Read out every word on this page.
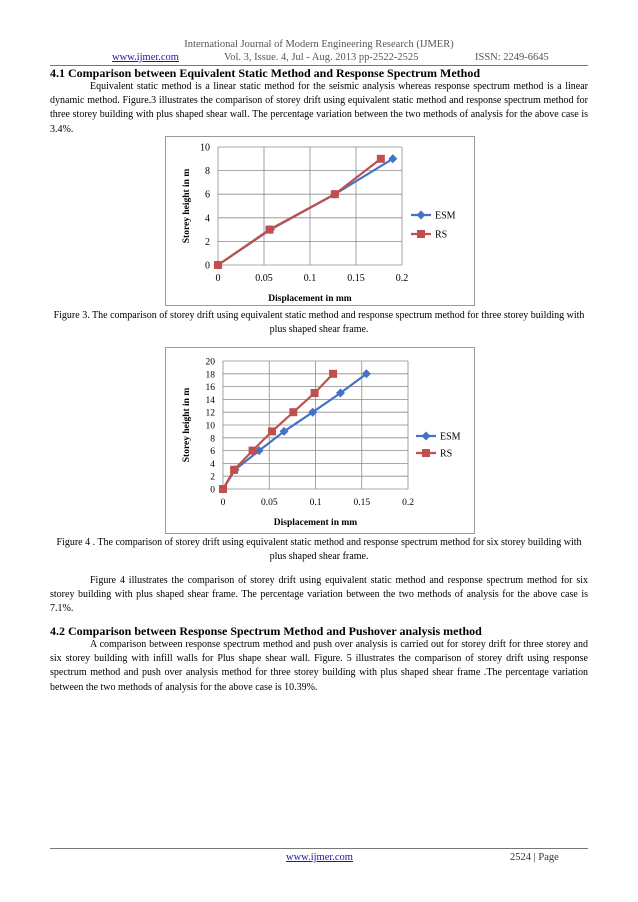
International Journal of Modern Engineering Research (IJMER)
www.ijmer.com	Vol. 3, Issue. 4, Jul - Aug. 2013 pp-2522-2525	ISSN: 2249-6645
4.1 Comparison between Equivalent Static Method and Response Spectrum Method

Equivalent static method is a linear static method for the seismic analysis whereas response spectrum method is a linear dynamic method. Figure.3 illustrates the comparison of storey drift using equivalent static method and response spectrum method for three storey building with plus shaped shear wall. The percentage variation between the two methods of analysis for the above case is 3.4%.

0
2
4
6
8
10
0	0.05	0.1	0.15	0.2
Displacement in mm
Storey height in m	ESM
RS

Figure 3. The comparison of storey drift using equivalent static method and response spectrum method for three storey building with plus shaped shear frame.

0
2
4
6
8
10
12
14
16
18
20
0	0.05	0.1	0.15	0.2
Displacement in mm
Storey height in m	ESM
RS

Figure 4 . The comparison of storey drift using equivalent static method and response spectrum method for six storey building with plus shaped shear frame.

Figure 4 illustrates the comparison of storey drift using equivalent static method and response spectrum method for six storey building with plus shaped shear frame. The percentage variation between the two methods of analysis for the above case is 7.1%.

4.2 Comparison between Response Spectrum Method and Pushover analysis method

A comparison between response spectrum method and push over analysis is carried out for storey drift for three storey and six storey building with infill walls for Plus shape shear wall. Figure. 5 illustrates the comparison of storey drift using response spectrum method and push over analysis method for three storey building with plus shaped shear frame .The percentage variation between the two methods of analysis for the above case is 10.39%.

www.ijmer.com	2524 | Page
